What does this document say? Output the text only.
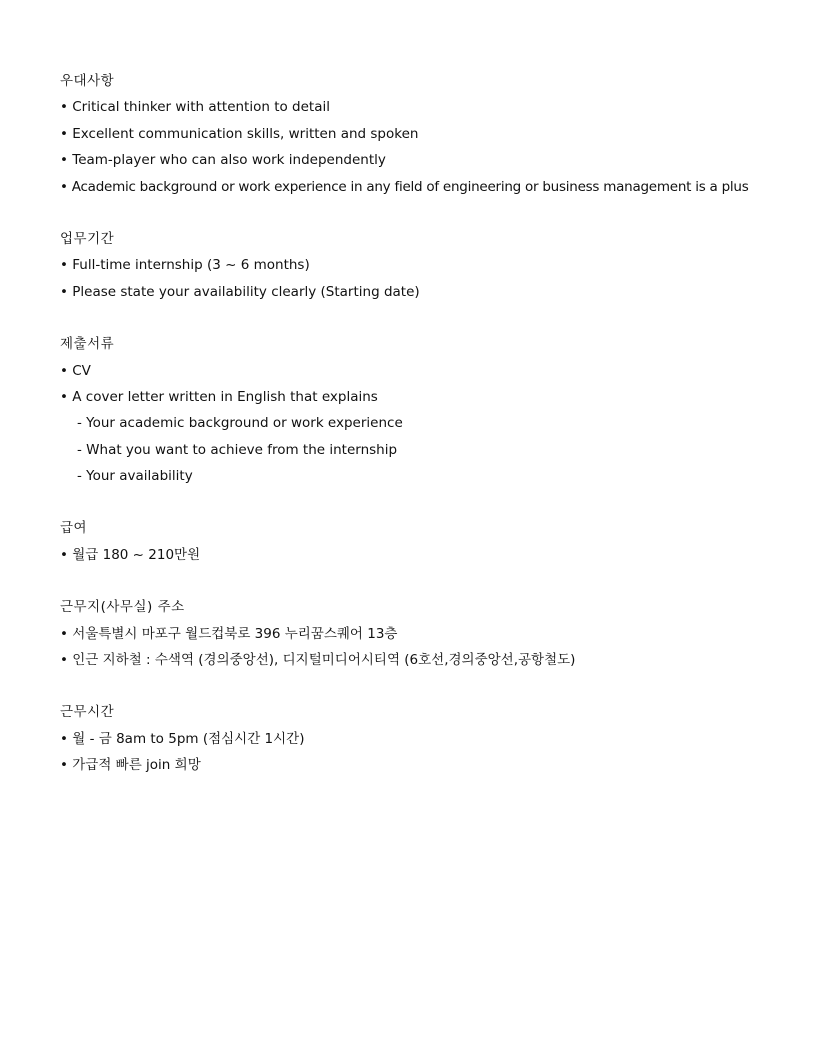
우대사항
• Critical thinker with attention to detail
• Excellent communication skills, written and spoken
• Team-player who can also work independently
• Academic background or work experience in any field of engineering or business management is a plus
업무기간
• Full-time internship (3 ~ 6 months)
• Please state your availability clearly (Starting date)
제출서류
• CV
• A cover letter written in English that explains
- Your academic background or work experience
- What you want to achieve from the internship
- Your availability
급여
• 월급 180 ~ 210만원
근무지(사무실) 주소
• 서울특별시 마포구 월드컵북로 396 누리꿈스퀘어 13층
• 인근 지하철 : 수색역 (경의중앙선), 디지털미디어시티역 (6호선,경의중앙선,공항철도)
근무시간
• 월 - 금 8am to 5pm (점심시간 1시간)
• 가급적 빠른 join 희망
